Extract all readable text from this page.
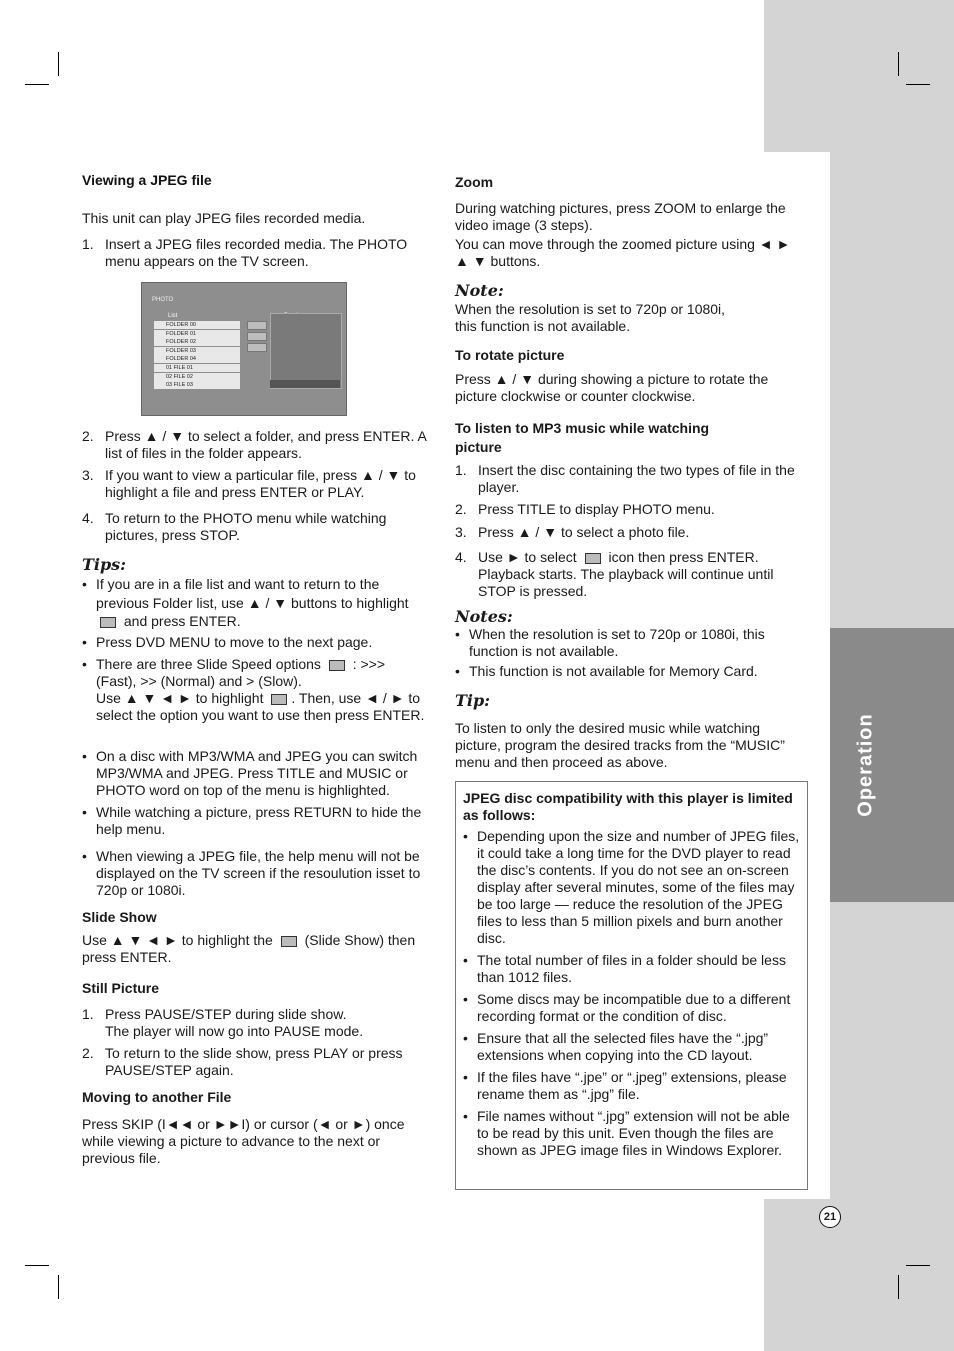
Operation
Viewing a JPEG file

This unit can play JPEG files recorded media.

1. Insert a JPEG files recorded media. The PHOTO menu appears on the TV screen.
PHOTO
List
FOLDER 00
FOLDER 01
FOLDER 02
FOLDER 03
FOLDER 04
01 FILE 01
02 FILE 02
03 FILE 03
2. Press ▲ / ▼ to select a folder, and press ENTER. A list of files in the folder appears.
3. If you want to view a particular file, press ▲ / ▼ to highlight a file and press ENTER or PLAY.
4. To return to the PHOTO menu while watching pictures, press STOP.
Tips:
• If you are in a file list and want to return to the previous Folder list, use ▲ / ▼ buttons to highlight
and press ENTER.
• Press DVD MENU to move to the next page.
• There are three Slide Speed options : >>> (Fast), >> (Normal) and > (Slow).
Use ▲ ▼ ◄ ► to highlight . Then, use ◄ / ► to select the option you want to use then press ENTER.
• On a disc with MP3/WMA and JPEG you can switch MP3/WMA and JPEG. Press TITLE and MUSIC or PHOTO word on top of the menu is highlighted.
• While watching a picture, press RETURN to hide the help menu.
• When viewing a JPEG file, the help menu will not be displayed on the TV screen if the resoulution isset to 720p or 1080i.
Slide Show

Use ▲ ▼ ◄ ► to highlight the (Slide Show) then press ENTER.

Still Picture
1. Press PAUSE/STEP during slide show.
The player will now go into PAUSE mode.
2. To return to the slide show, press PLAY or press PAUSE/STEP again.
Moving to another File

Press SKIP (I◄◄ or ►►I) or cursor (◄ or ►) once while viewing a picture to advance to the next or previous file.

Zoom

During watching pictures, press ZOOM to enlarge the video image (3 steps).

You can move through the zoomed picture using ◄ ► ▲ ▼ buttons.

Note:

When the resolution is set to 720p or 1080i, this function is not available.

To rotate picture

Press ▲ / ▼ during showing a picture to rotate the picture clockwise or counter clockwise.

To listen to MP3 music while watching picture
1. Insert the disc containing the two types of file in the player.
2. Press TITLE to display PHOTO menu.
3. Press ▲ / ▼ to select a photo file.
4. Use ► to select icon then press ENTER. Playback starts. The playback will continue until STOP is pressed.
Notes:
• When the resolution is set to 720p or 1080i, this function is not available.
• This function is not available for Memory Card.
Tip:

To listen to only the desired music while watching picture, program the desired tracks from the “MUSIC” menu and then proceed as above.

JPEG disc compatibility with this player is limited as follows:
• Depending upon the size and number of JPEG files, it could take a long time for the DVD player to read the disc’s contents. If you do not see an on-screen display after several minutes, some of the files may be too large — reduce the resolution of the JPEG files to less than 5 million pixels and burn another disc.
• The total number of files in a folder should be less than 1012 files.
• Some discs may be incompatible due to a different recording format or the condition of disc.
• Ensure that all the selected files have the “.jpg” extensions when copying into the CD layout.
• If the files have “.jpe” or “.jpeg” extensions, please rename them as “.jpg” file.
• File names without “.jpg” extension will not be able to be read by this unit. Even though the files are shown as JPEG image files in Windows Explorer.
21
